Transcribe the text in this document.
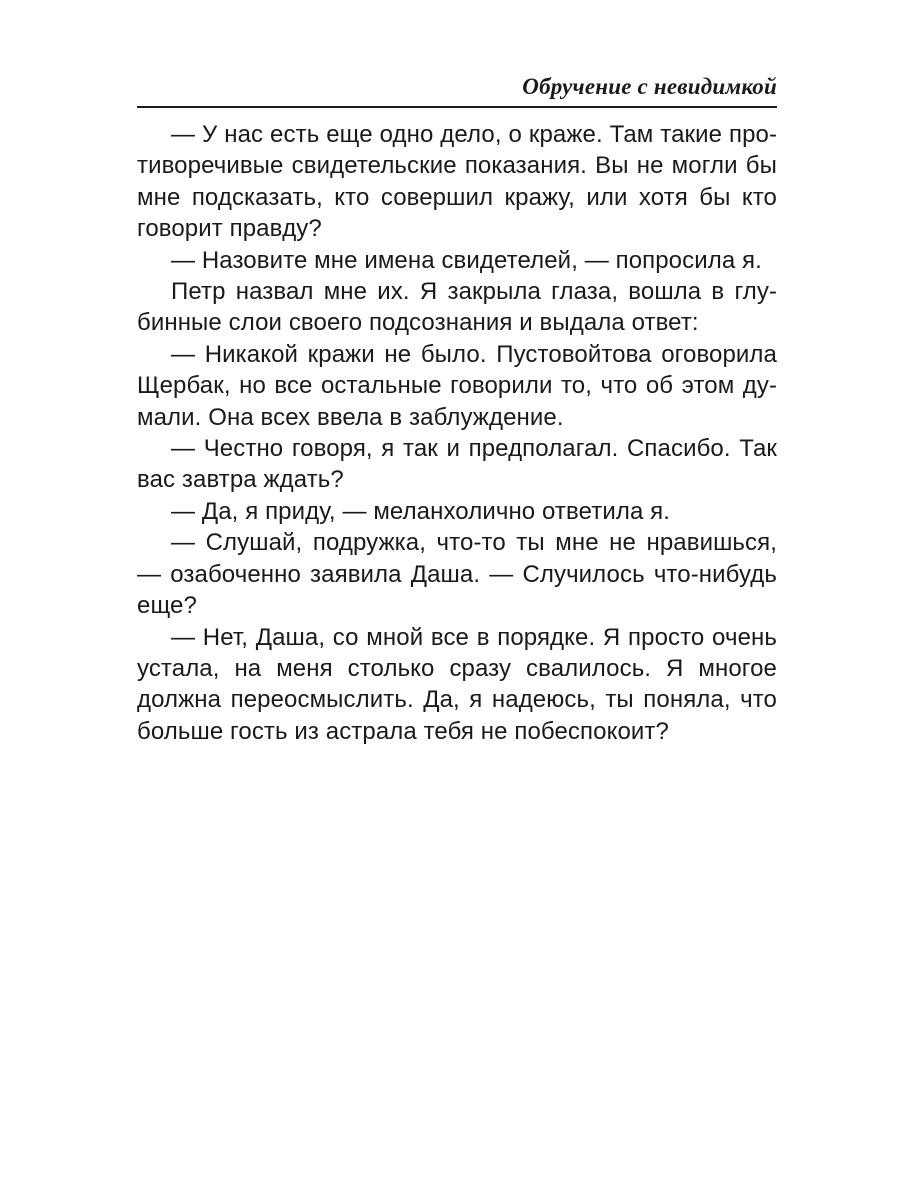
Обручение с невидимкой

— У нас есть еще одно дело, о краже. Там такие противоречивые свидетельские показания. Вы не могли бы мне подсказать, кто совершил кражу, или хотя бы кто говорит правду?

— Назовите мне имена свидетелей, — попросила я.

Петр назвал мне их. Я закрыла глаза, вошла в глубинные слои своего подсознания и выдала ответ:

— Никакой кражи не было. Пустовойтова оговорила Щербак, но все остальные говорили то, что об этом думали. Она всех ввела в заблуждение.

— Честно говоря, я так и предполагал. Спасибо. Так вас завтра ждать?

— Да, я приду, — меланхолично ответила я.

— Слушай, подружка, что-то ты мне не нравишься, — озабоченно заявила Даша. — Случилось что-нибудь еще?

— Нет, Даша, со мной все в порядке. Я просто очень устала, на меня столько сразу свалилось. Я многое должна переосмыслить. Да, я надеюсь, ты поняла, что больше гость из астрала тебя не побеспокоит?
